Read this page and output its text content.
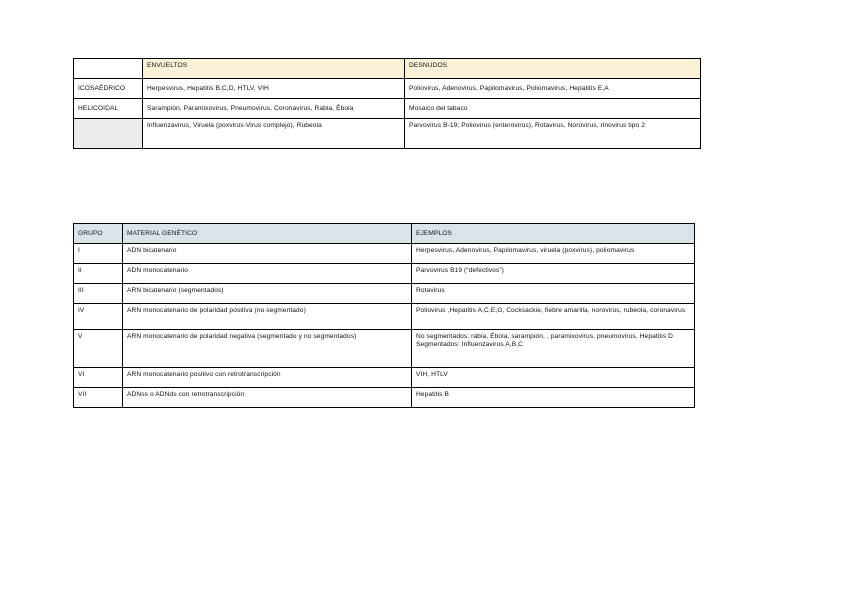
	ENVUELTOS	DESNUDOS
ICOSAÉDRICO	Herpesvirus, Hepatitis B,C,D, HTLV, VIH	Poliovirus, Adenovirus, Papilomavirus, Poliomavirus, Hepatitis E,A
HELICOIDAL	Sarampión, Paramixovirus, Pneumovirus, Coronavirus, Rabia, Ébola	Mosaico del tabaco
	Influenzavirus, Viruela (poxvirus-Virus complejo), Rubeola	Parvovirus B-19; Poliovirus (enterovirus), Rotavirus, Norovirus, rinovirus tipo 2
GRUPO	MATERIAL GENÉTICO	EJEMPLOS
I	ADN bicatenario	Herpesvirus, Adenovirus, Papilomavirus, viruela (poxvirus), poliomavirus
II	ADN monocatenario	Parvovirus B19 (“defectivos”)
III	ARN bicatenario (segmentados)	Rotavirus
IV	ARN monocatenario de polaridad positiva (no segmentado)	Poliovirus ,Hepatitis A,C,E,G, Cocksackie, fiebre amarilla, norovirus, rubeola, coronavirus
V	ARN monocatenario de polaridad negativa (segmentado y no segmentados)	No segmentados: rabia, Ébola, sarampión, , paramixovirus, pneumovirus, Hepatitis D
Segmentados: Influenzavirus A,B,C
VI	ARN monocatenario positivo con retrotranscripción	VIH, HTLV
VII	ADNss o ADNds con retrotranscripción	Hepatitis B
